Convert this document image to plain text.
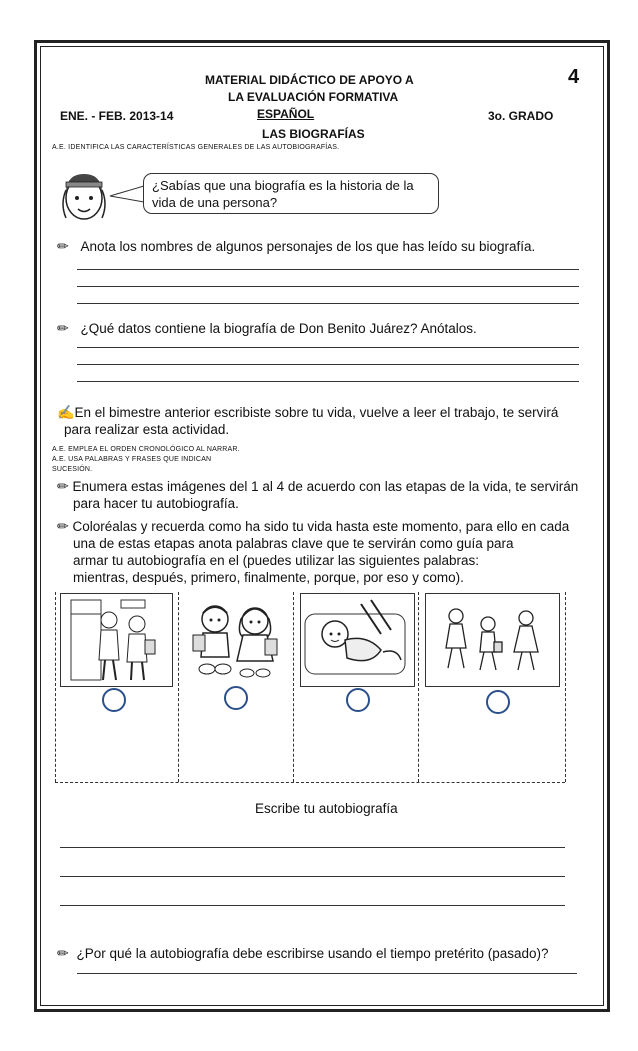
MATERIAL DIDÁCTICO DE APOYO A	4
LA EVALUACIÓN FORMATIVA
ENE. - FEB. 2013-14	ESPAÑOL	3o. GRADO
LAS BIOGRAFÍAS
A.E. IDENTIFICA LAS CARACTERÍSTICAS GENERALES DE LAS AUTOBIOGRAFÍAS.
¿Sabías que una biografía es la historia de la
vida de una persona?
✏ Anota los nombres de algunos personajes de los que has leído su biografía.
✏ ¿Qué datos contiene la biografía de Don Benito Juárez? Anótalos.
✍En el bimestre anterior escribiste sobre tu vida, vuelve a leer el trabajo, te servirá
para realizar esta actividad.
A.E. EMPLEA EL ORDEN CRONOLÓGICO AL NARRAR.
A.E. USA PALABRAS Y FRASES QUE INDICAN
SUCESIÓN.
✏ Enumera estas imágenes del 1 al 4 de acuerdo con las etapas de la vida, te servirán
para hacer tu autobiografía.
✏ Coloréalas y recuerda como ha sido tu vida hasta este momento, para ello en cada
una de estas etapas anota palabras clave que te servirán como guía para
armar tu autobiografía en el (puedes utilizar las siguientes palabras:
mientras, después, primero, finalmente, porque, por eso y como).
Escribe tu autobiografía
✏ ¿Por qué la autobiografía debe escribirse usando el tiempo pretérito (pasado)?
